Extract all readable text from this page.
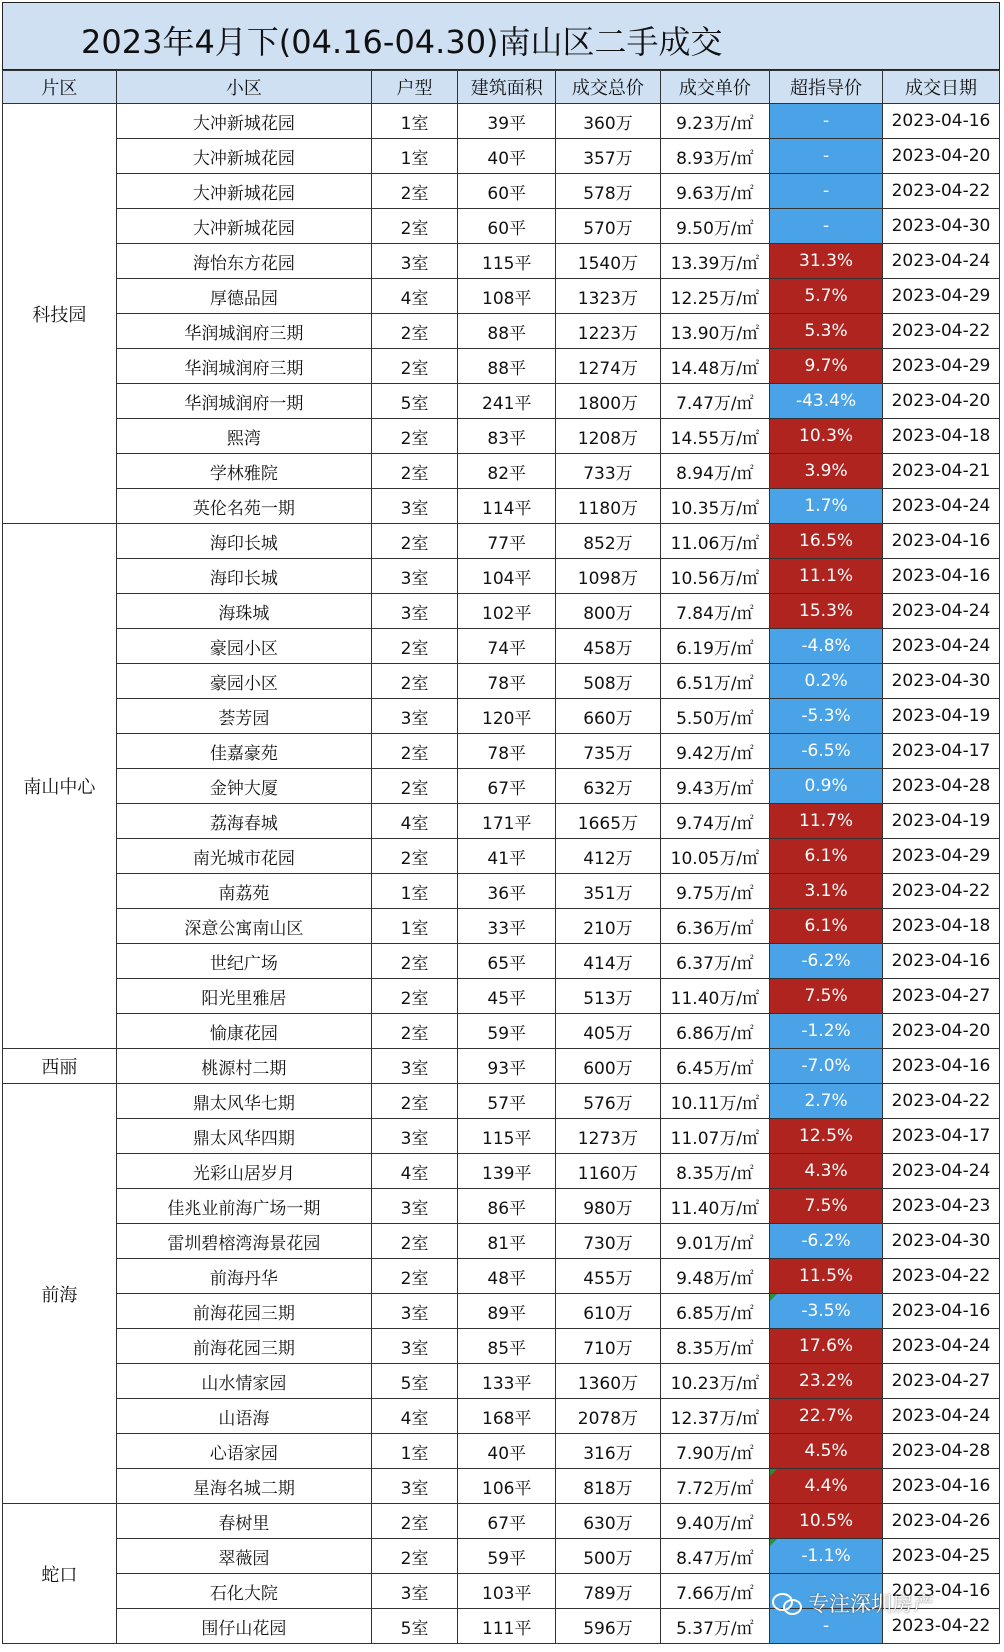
2023年4月下(04.16-04.30)南山区二手成交
片区	小区	户型	建筑面积	成交总价	成交单价	超指导价	成交日期
科技园	大冲新城花园	1室	39平	360万	9.23万/㎡	-	2023-04-16
	大冲新城花园	1室	40平	357万	8.93万/㎡	-	2023-04-20
	大冲新城花园	2室	60平	578万	9.63万/㎡	-	2023-04-22
	大冲新城花园	2室	60平	570万	9.50万/㎡	-	2023-04-30
	海怡东方花园	3室	115平	1540万	13.39万/㎡	31.3%	2023-04-24
	厚德品园	4室	108平	1323万	12.25万/㎡	5.7%	2023-04-29
	华润城润府三期	2室	88平	1223万	13.90万/㎡	5.3%	2023-04-22
	华润城润府三期	2室	88平	1274万	14.48万/㎡	9.7%	2023-04-29
	华润城润府一期	5室	241平	1800万	7.47万/㎡	-43.4%	2023-04-20
	熙湾	2室	83平	1208万	14.55万/㎡	10.3%	2023-04-18
	学林雅院	2室	82平	733万	8.94万/㎡	3.9%	2023-04-21
	英伦名苑一期	3室	114平	1180万	10.35万/㎡	1.7%	2023-04-24
南山中心	海印长城	2室	77平	852万	11.06万/㎡	16.5%	2023-04-16
	海印长城	3室	104平	1098万	10.56万/㎡	11.1%	2023-04-16
	海珠城	3室	102平	800万	7.84万/㎡	15.3%	2023-04-24
	豪园小区	2室	74平	458万	6.19万/㎡	-4.8%	2023-04-24
	豪园小区	2室	78平	508万	6.51万/㎡	0.2%	2023-04-30
	荟芳园	3室	120平	660万	5.50万/㎡	-5.3%	2023-04-19
	佳嘉豪苑	2室	78平	735万	9.42万/㎡	-6.5%	2023-04-17
	金钟大厦	2室	67平	632万	9.43万/㎡	0.9%	2023-04-28
	荔海春城	4室	171平	1665万	9.74万/㎡	11.7%	2023-04-19
	南光城市花园	2室	41平	412万	10.05万/㎡	6.1%	2023-04-29
	南荔苑	1室	36平	351万	9.75万/㎡	3.1%	2023-04-22
	深意公寓南山区	1室	33平	210万	6.36万/㎡	6.1%	2023-04-18
	世纪广场	2室	65平	414万	6.37万/㎡	-6.2%	2023-04-16
	阳光里雅居	2室	45平	513万	11.40万/㎡	7.5%	2023-04-27
	愉康花园	2室	59平	405万	6.86万/㎡	-1.2%	2023-04-20
西丽	桃源村二期	3室	93平	600万	6.45万/㎡	-7.0%	2023-04-16
前海	鼎太风华七期	2室	57平	576万	10.11万/㎡	2.7%	2023-04-22
	鼎太风华四期	3室	115平	1273万	11.07万/㎡	12.5%	2023-04-17
	光彩山居岁月	4室	139平	1160万	8.35万/㎡	4.3%	2023-04-24
	佳兆业前海广场一期	3室	86平	980万	11.40万/㎡	7.5%	2023-04-23
	雷圳碧榕湾海景花园	2室	81平	730万	9.01万/㎡	-6.2%	2023-04-30
	前海丹华	2室	48平	455万	9.48万/㎡	11.5%	2023-04-22
	前海花园三期	3室	89平	610万	6.85万/㎡	-3.5%	2023-04-16
	前海花园三期	3室	85平	710万	8.35万/㎡	17.6%	2023-04-24
	山水情家园	5室	133平	1360万	10.23万/㎡	23.2%	2023-04-27
	山语海	4室	168平	2078万	12.37万/㎡	22.7%	2023-04-24
	心语家园	1室	40平	316万	7.90万/㎡	4.5%	2023-04-28
	星海名城二期	3室	106平	818万	7.72万/㎡	4.4%	2023-04-16
蛇口	春树里	2室	67平	630万	9.40万/㎡	10.5%	2023-04-26
	翠薇园	2室	59平	500万	8.47万/㎡	-1.1%	2023-04-25
	石化大院	3室	103平	789万	7.66万/㎡		2023-04-16
	围仔山花园	5室	111平	596万	5.37万/㎡	-	2023-04-22
专注深圳房产
